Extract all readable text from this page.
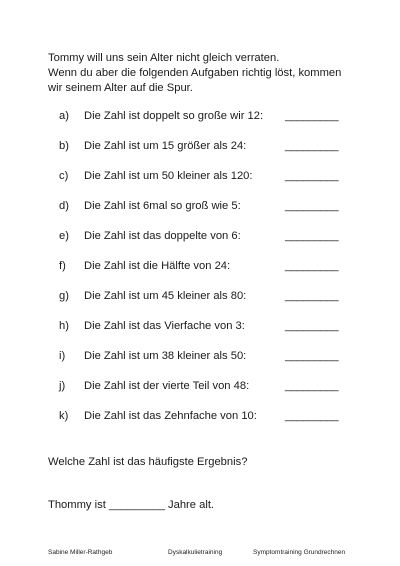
Tommy will uns sein Alter nicht gleich verraten.
Wenn du aber die folgenden Aufgaben richtig löst, kommen
wir seinem Alter auf die Spur.
a)	Die Zahl ist doppelt so große wir 12: _________
b)	Die Zahl ist um 15 größer als 24:	_________
c)	Die Zahl ist um 50 kleiner als 120:	_________
d)	Die Zahl ist 6mal so groß wie 5:	_________
e)	Die Zahl ist das doppelte von 6:	_________
f)	Die Zahl ist die Hälfte von 24:	_________
g)	Die Zahl ist um 45 kleiner als 80:	_________
h)	Die Zahl ist das Vierfache von 3:	_________
i)	Die Zahl ist um 38 kleiner als 50:	_________
j)	Die Zahl ist der vierte Teil von 48:	_________
k)	Die Zahl ist das Zehnfache von 10:	_________
Welche Zahl ist das häufigste Ergebnis?
Thommy ist _________ Jahre alt.
Sabine Miller-Rathgeb	Dyskalkulietraining	Symptomtraining Grundrechnen
